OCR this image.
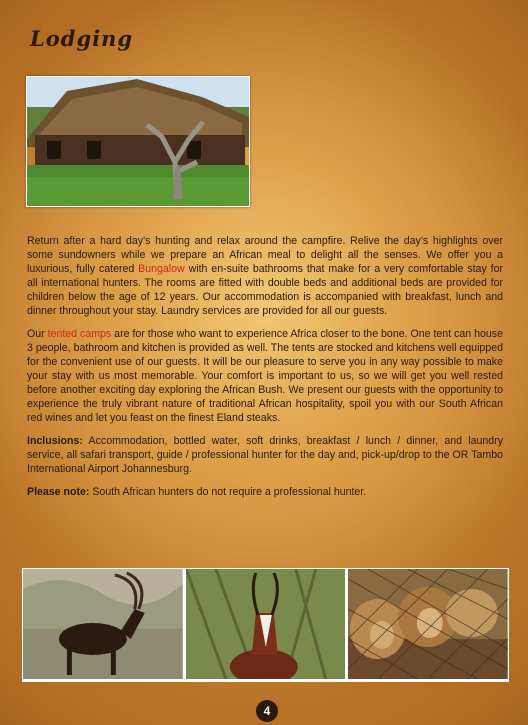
Lodging

Return after a hard day's hunting and relax around the campfire. Relive the day's highlights over some sundowners while we prepare an African meal to delight all the senses. We offer you a luxurious, fully catered Bungalow with en-suite bathrooms that make for a very comfortable stay for all international hunters. The rooms are fitted with double beds and additional beds are provided for children below the age of 12 years. Our accommodation is accompanied with breakfast, lunch and dinner throughout your stay. Laundry services are provided for all our guests.

Our tented camps are for those who want to experience Africa closer to the bone. One tent can house 3 people, bathroom and kitchen is provided as well. The tents are stocked and kitchens well equipped for the convenient use of our guests. It will be our pleasure to serve you in any way possible to make your stay with us most memorable. Your comfort is important to us, so we will get you well rested before another exciting day exploring the African Bush. We present our guests with the opportunity to experience the truly vibrant nature of traditional African hospitality, spoil you with our South African red wines and let you feast on the finest Eland steaks.

Inclusions: Accommodation, bottled water, soft drinks, breakfast / lunch / dinner, and laundry service, all safari transport, guide / professional hunter for the day and, pick-up/drop to the OR Tambo International Airport Johannesburg.

Please note: South African hunters do not require a professional hunter.

4
